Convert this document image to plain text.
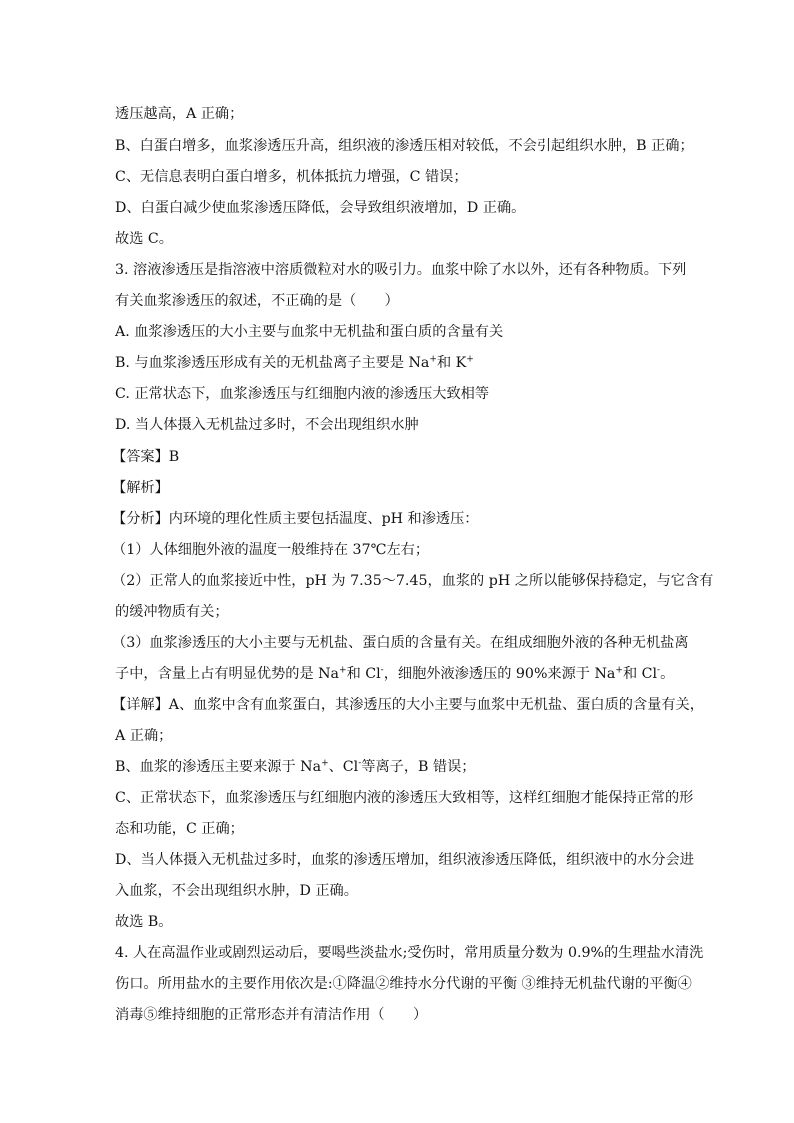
透压越高，A 正确；
B、白蛋白增多，血浆渗透压升高，组织液的渗透压相对较低，不会引起组织水肿，B 正确；
C、无信息表明白蛋白增多，机体抵抗力增强，C 错误；
D、白蛋白减少使血浆渗透压降低，会导致组织液增加，D 正确。
故选 C。
3. 溶液渗透压是指溶液中溶质微粒对水的吸引力。血浆中除了水以外，还有各种物质。下列
有关血浆渗透压的叙述，不正确的是（　　）
A. 血浆渗透压的大小主要与血浆中无机盐和蛋白质的含量有关
B. 与血浆渗透压形成有关的无机盐离子主要是 Na+和 K+
C. 正常状态下，血浆渗透压与红细胞内液的渗透压大致相等
D. 当人体摄入无机盐过多时，不会出现组织水肿
【答案】B
【解析】
【分析】内环境的理化性质主要包括温度、pH 和渗透压：
（1）人体细胞外液的温度一般维持在 37℃左右；
（2）正常人的血浆接近中性，pH 为 7.35～7.45，血浆的 pH 之所以能够保持稳定，与它含有
的缓冲物质有关；
（3）血浆渗透压的大小主要与无机盐、蛋白质的含量有关。在组成细胞外液的各种无机盐离
子中，含量上占有明显优势的是 Na+和 Cl-，细胞外液渗透压的 90%来源于 Na+和 Cl-。
【详解】A、血浆中含有血浆蛋白，其渗透压的大小主要与血浆中无机盐、蛋白质的含量有关，
A 正确；
B、血浆的渗透压主要来源于 Na+、Cl-等离子，B 错误；
C、正常状态下，血浆渗透压与红细胞内液的渗透压大致相等，这样红细胞才能保持正常的形
态和功能，C 正确；
D、当人体摄入无机盐过多时，血浆的渗透压增加，组织液渗透压降低，组织液中的水分会进
入血浆，不会出现组织水肿，D 正确。
故选 B。
4. 人在高温作业或剧烈运动后，要喝些淡盐水;受伤时，常用质量分数为 0.9%的生理盐水清洗
伤口。所用盐水的主要作用依次是:①降温②维持水分代谢的平衡 ③维持无机盐代谢的平衡④
消毒⑤维持细胞的正常形态并有清洁作用（　　）
